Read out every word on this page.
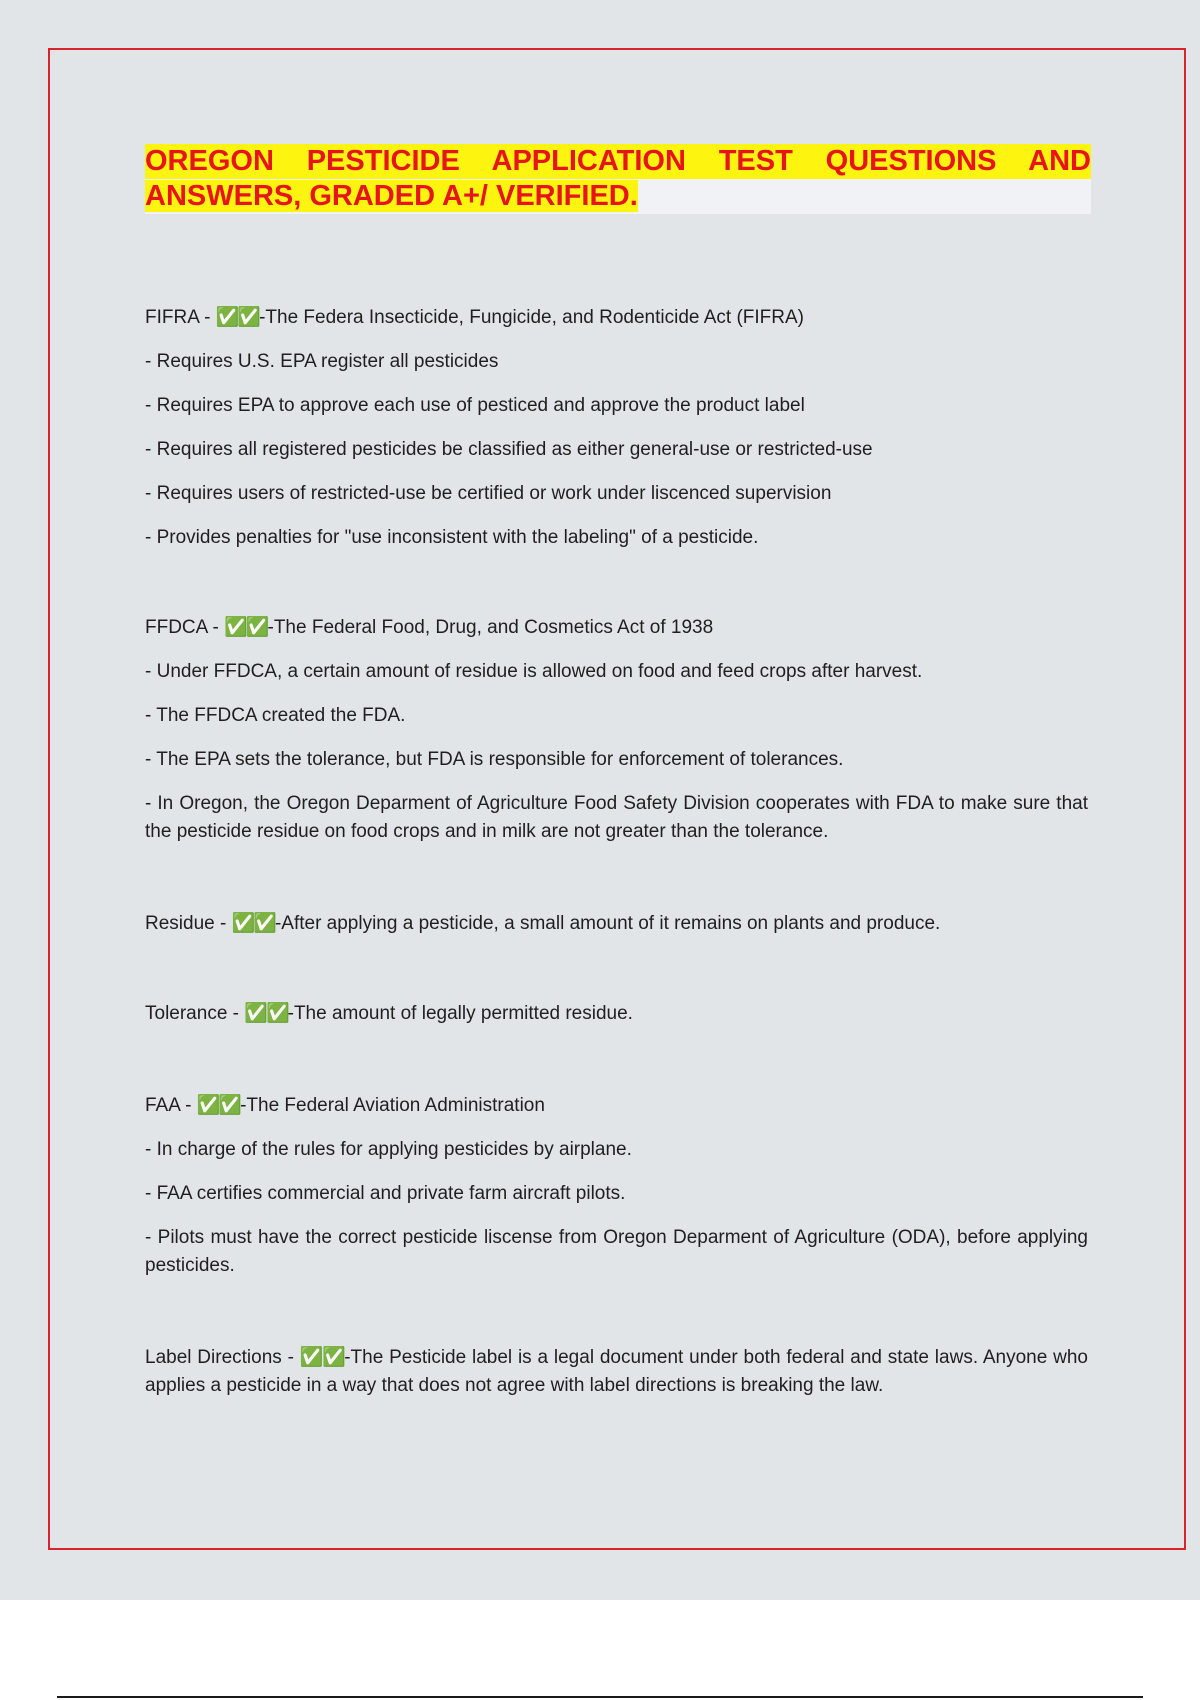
OREGON PESTICIDE APPLICATION TEST QUESTIONS AND
ANSWERS, GRADED A+/ VERIFIED.

FIFRA - ✅✅-The Federa Insecticide, Fungicide, and Rodenticide Act (FIFRA)

- Requires U.S. EPA register all pesticides

- Requires EPA to approve each use of pesticed and approve the product label

- Requires all registered pesticides be classified as either general-use or restricted-use

- Requires users of restricted-use be certified or work under liscenced supervision

- Provides penalties for "use inconsistent with the labeling" of a pesticide.

FFDCA - ✅✅-The Federal Food, Drug, and Cosmetics Act of 1938

- Under FFDCA, a certain amount of residue is allowed on food and feed crops after harvest.

- The FFDCA created the FDA.

- The EPA sets the tolerance, but FDA is responsible for enforcement of tolerances.

- In Oregon, the Oregon Deparment of Agriculture Food Safety Division cooperates with FDA to make sure that the pesticide residue on food crops and in milk are not greater than the tolerance.

Residue - ✅✅-After applying a pesticide, a small amount of it remains on plants and produce.

Tolerance - ✅✅-The amount of legally permitted residue.

FAA - ✅✅-The Federal Aviation Administration

- In charge of the rules for applying pesticides by airplane.

- FAA certifies commercial and private farm aircraft pilots.

- Pilots must have the correct pesticide liscense from Oregon Deparment of Agriculture (ODA), before applying pesticides.

Label Directions - ✅✅-The Pesticide label is a legal document under both federal and state laws. Anyone who applies a pesticide in a way that does not agree with label directions is breaking the law.
